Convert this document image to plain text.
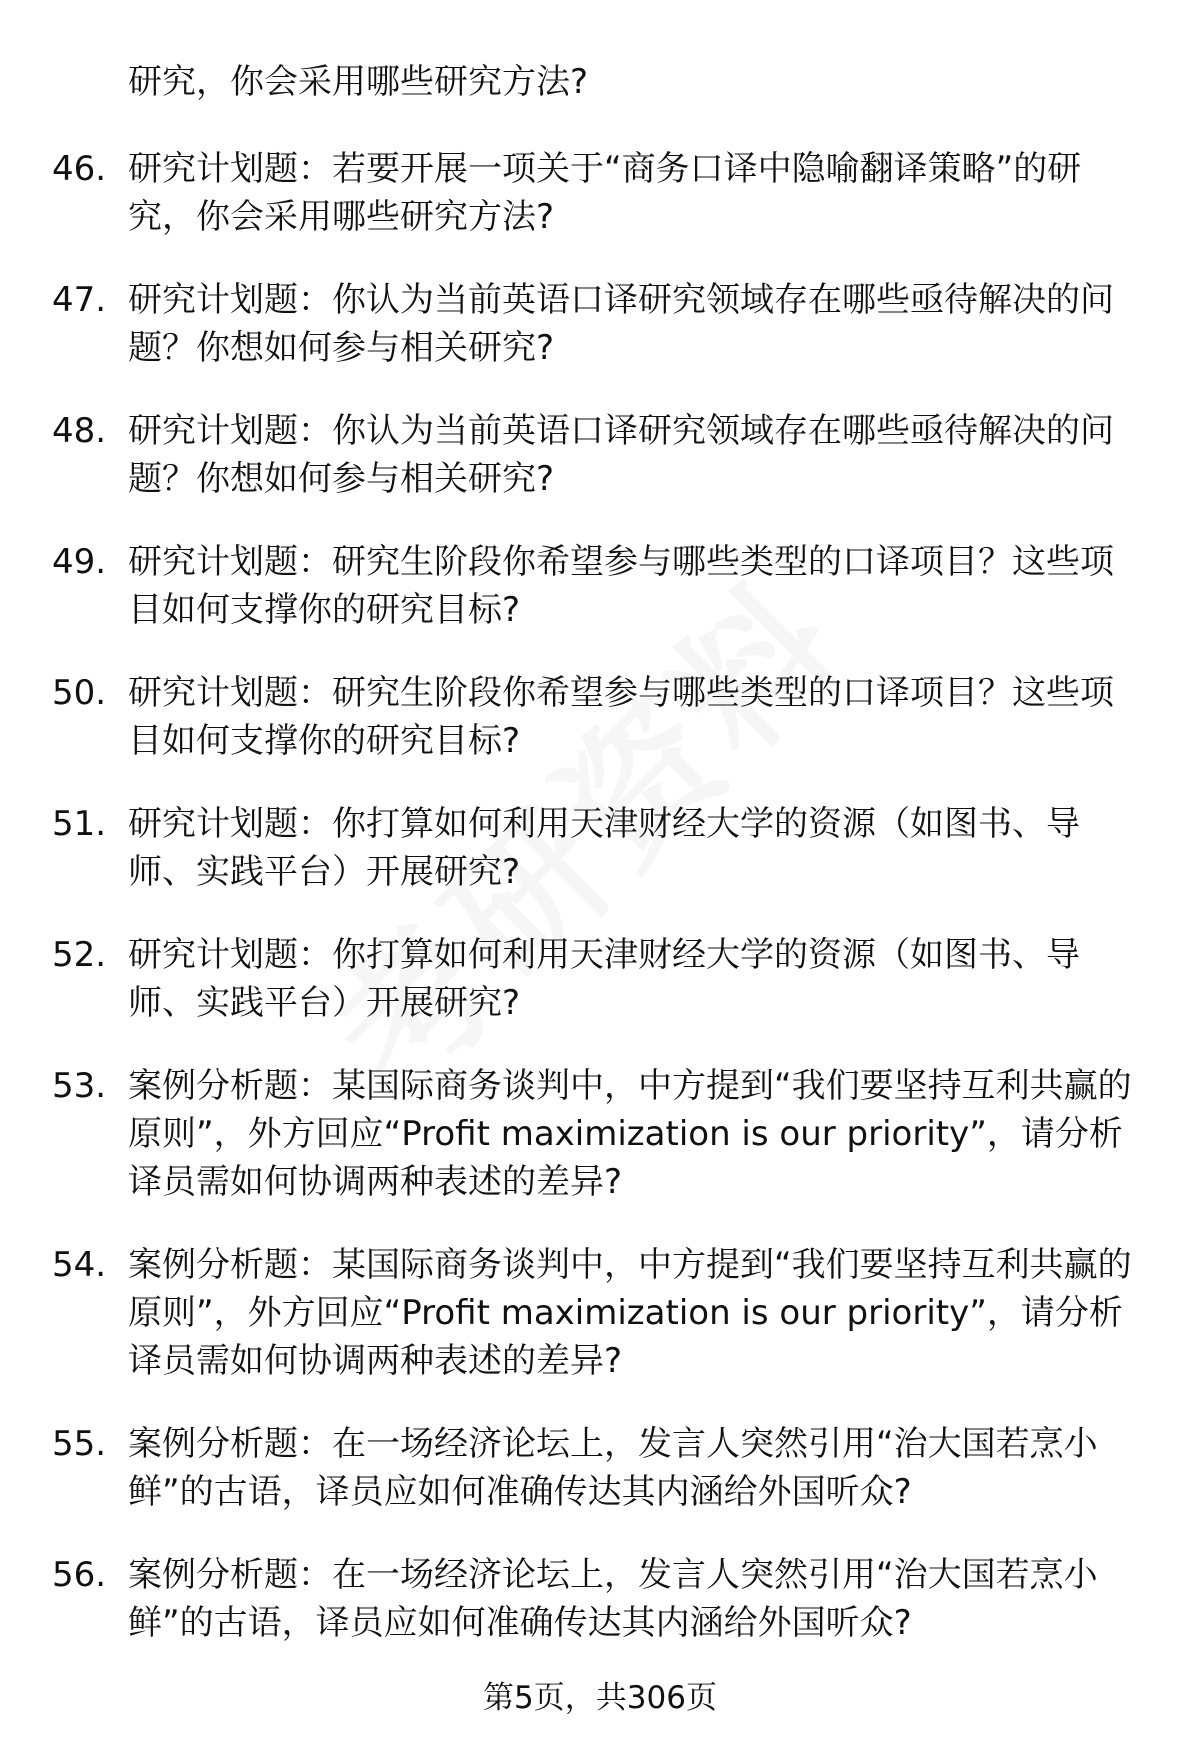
研究，你会采用哪些研究方法?
46. 研究计划题：若要开展一项关于“商务口译中隐喻翻译策略”的研究，你会采用哪些研究方法?
47. 研究计划题：你认为当前英语口译研究领域存在哪些亟待解决的问题？你想如何参与相关研究?
48. 研究计划题：你认为当前英语口译研究领域存在哪些亟待解决的问题？你想如何参与相关研究?
49. 研究计划题：研究生阶段你希望参与哪些类型的口译项目？这些项目如何支撑你的研究目标?
50. 研究计划题：研究生阶段你希望参与哪些类型的口译项目？这些项目如何支撑你的研究目标?
51. 研究计划题：你打算如何利用天津财经大学的资源（如图书、导师、实践平台）开展研究?
52. 研究计划题：你打算如何利用天津财经大学的资源（如图书、导师、实践平台）开展研究?
53. 案例分析题：某国际商务谈判中，中方提到“我们要坚持互利共赢的原则”，外方回应“Profit maximization is our priority”，请分析译员需如何协调两种表述的差异?
54. 案例分析题：某国际商务谈判中，中方提到“我们要坚持互利共赢的原则”，外方回应“Profit maximization is our priority”，请分析译员需如何协调两种表述的差异?
55. 案例分析题：在一场经济论坛上，发言人突然引用“治大国若烹小鲜”的古语，译员应如何准确传达其内涵给外国听众?
56. 案例分析题：在一场经济论坛上，发言人突然引用“治大国若烹小鲜”的古语，译员应如何准确传达其内涵给外国听众?
第5页，共306页
